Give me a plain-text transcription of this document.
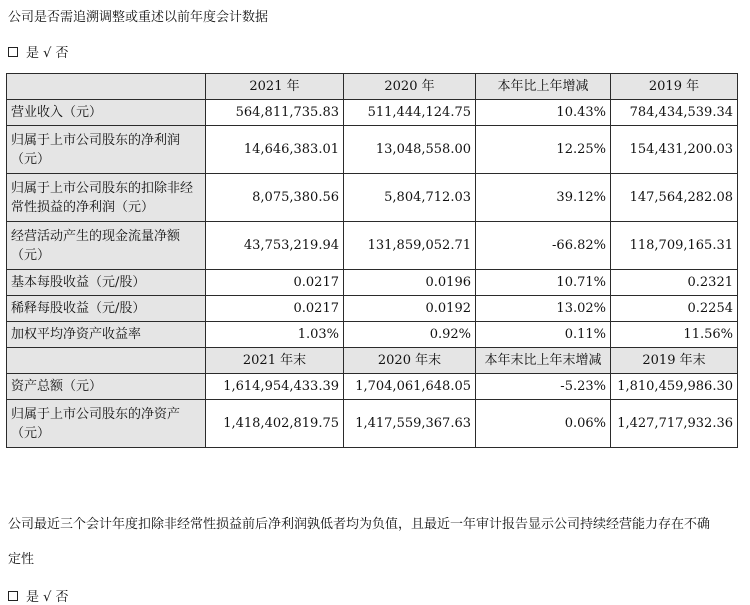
公司是否需追溯调整或重述以前年度会计数据
是 √ 否
	2021 年	2020 年	本年比上年增减	2019 年
营业收入（元）	564,811,735.83	511,444,124.75	10.43%	784,434,539.34
归属于上市公司股东的净利润（元）	14,646,383.01	13,048,558.00	12.25%	154,431,200.03
归属于上市公司股东的扣除非经常性损益的净利润（元）	8,075,380.56	5,804,712.03	39.12%	147,564,282.08
经营活动产生的现金流量净额（元）	43,753,219.94	131,859,052.71	-66.82%	118,709,165.31
基本每股收益（元/股）	0.0217	0.0196	10.71%	0.2321
稀释每股收益（元/股）	0.0217	0.0192	13.02%	0.2254
加权平均净资产收益率	1.03%	0.92%	0.11%	11.56%
	2021 年末	2020 年末	本年末比上年末增减	2019 年末
资产总额（元）	1,614,954,433.39	1,704,061,648.05	-5.23%	1,810,459,986.30
归属于上市公司股东的净资产（元）	1,418,402,819.75	1,417,559,367.63	0.06%	1,427,717,932.36
公司最近三个会计年度扣除非经常性损益前后净利润孰低者均为负值，且最近一年审计报告显示公司持续经营能力存在不确
定性
是 √ 否
